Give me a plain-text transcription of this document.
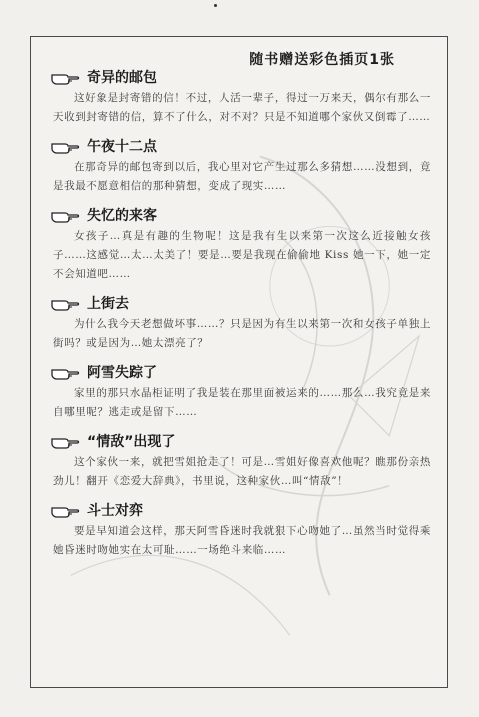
随书赠送彩色插页1张
奇异的邮包
这好象是封寄错的信！不过，人活一辈子，得过一万来天，偶尔有那么一天收到封寄错的信，算不了什么，对不对？只是不知道哪个家伙又倒霉了……
午夜十二点
在那奇异的邮包寄到以后，我心里对它产生过那么多猜想……没想到，竟是我最不愿意相信的那种猜想，变成了现实……
失忆的来客
女孩子…真是有趣的生物呢！这是我有生以来第一次这么近接触女孩子……这感觉…太…太美了！要是…要是我现在偷偷地 Kiss 她一下，她一定不会知道吧……
上街去
为什么我今天老想做坏事……？只是因为有生以来第一次和女孩子单独上街吗？或是因为…她太漂亮了？
阿雪失踪了
家里的那只水晶柜证明了我是装在那里面被运来的……那么…我究竟是来自哪里呢？逃走或是留下……
“情敌”出现了
这个家伙一来，就把雪姐抢走了！可是…雪姐好像喜欢他呢？瞧那份亲热劲儿！翻开《恋爱大辞典》，书里说，这种家伙…叫“情敌”！
斗士对弈
要是早知道会这样，那天阿雪昏迷时我就狠下心吻她了…虽然当时觉得乘她昏迷时吻她实在太可耻……一场绝斗来临……
